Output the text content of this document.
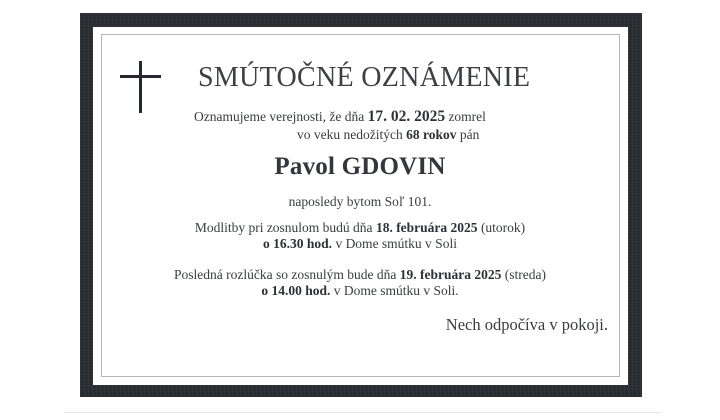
SMÚTOČNÉ OZNÁMENIE
Oznamujeme verejnosti, že dňa 17. 02. 2025 zomrel
vo veku nedožitých 68 rokov pán
Pavol GDOVIN
naposledy bytom Soľ 101.
Modlitby pri zosnulom budú dňa 18. februára 2025 (utorok)
o 16.30 hod. v Dome smútku v Soli
Posledná rozlúčka so zosnulým bude dňa 19. februára 2025 (streda)
o 14.00 hod. v Dome smútku v Soli.
Nech odpočíva v pokoji.
